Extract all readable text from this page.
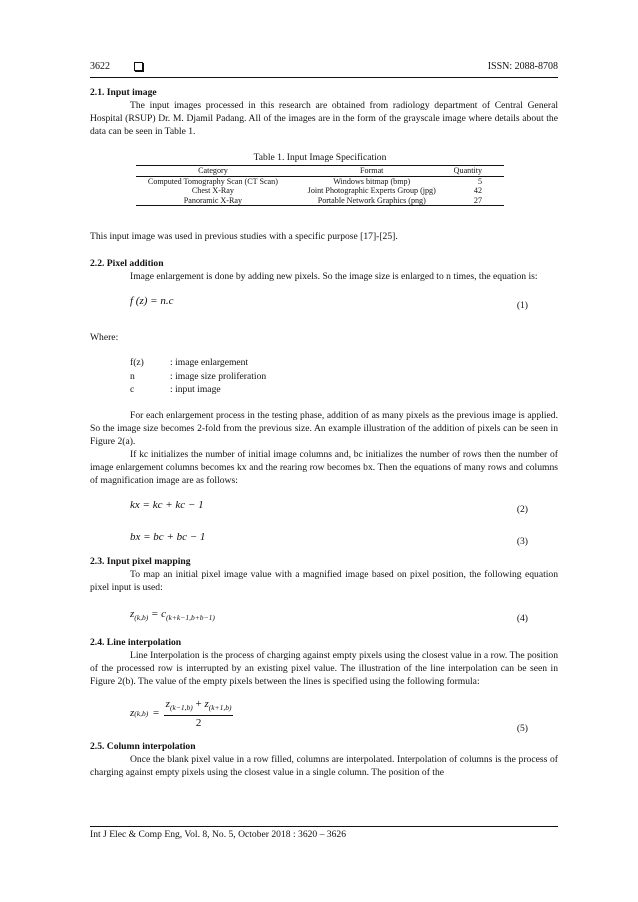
3622	ISSN: 2088-8708
2.1. Input image

The input images processed in this research are obtained from radiology department of Central General Hospital (RSUP) Dr. M. Djamil Padang. All of the images are in the form of the grayscale image where details about the data can be seen in Table 1.

Table 1. Input Image Specification
Category	Format	Quantity
Computed Tomography Scan (CT Scan)	Windows bitmap (bmp)	5
Chest X-Ray	Joint Photographic Experts Group (jpg)	42
Panoramic X-Ray	Portable Network Graphics (png)	27

This input image was used in previous studies with a specific purpose [17]-[25].

2.2. Pixel addition

Image enlargement is done by adding new pixels. So the image size is enlarged to n times, the equation is:

f (z) = n.c	(1)

Where:

f(z)	: image enlargement
n	: image size proliferation
c	: input image

For each enlargement process in the testing phase, addition of as many pixels as the previous image is applied. So the image size becomes 2-fold from the previous size. An example illustration of the addition of pixels can be seen in Figure 2(a).

If kc initializes the number of initial image columns and, bc initializes the number of rows then the number of image enlargement columns becomes kx and the rearing row becomes bx. Then the equations of many rows and columns of magnification image are as follows:

kx = kc + kc − 1	(2)
bx = bc + bc − 1	(3)
2.3. Input pixel mapping

To map an initial pixel image value with a magnified image based on pixel position, the following equation pixel input is used:

$z_{(k,b)} = c_{(k+k-1,b+b-1)}$	(4)
2.4. Line interpolation

Line Interpolation is the process of charging against empty pixels using the closest value in a row. The position of the processed row is interrupted by an existing pixel value. The illustration of the line interpolation can be seen in Figure 2(b). The value of the empty pixels between the lines is specified using the following formula:

z $(k,b) = \frac{z_{(k-1,b)} + z_{(k+1,b)}}{2}$	(5)
2.5. Column interpolation

Once the blank pixel value in a row filled, columns are interpolated. Interpolation of columns is the process of charging against empty pixels using the closest value in a single column. The position of the

Int J Elec & Comp Eng, Vol. 8, No. 5, October 2018 : 3620 – 3626
